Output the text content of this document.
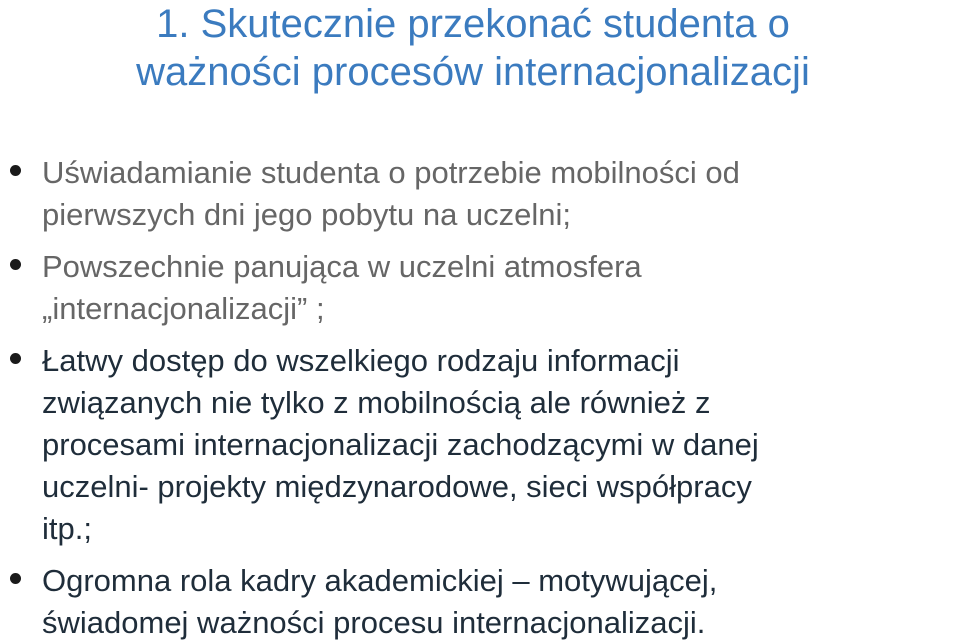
1. Skutecznie przekonać studenta o
ważności procesów internacjonalizacji
Uświadamianie studenta o potrzebie mobilności od
pierwszych dni jego pobytu na uczelni;
Powszechnie panująca w uczelni atmosfera
„internacjonalizacji” ;
Łatwy dostęp do wszelkiego rodzaju informacji
związanych nie tylko z mobilnością ale również z
procesami internacjonalizacji zachodzącymi w danej
uczelni- projekty międzynarodowe, sieci współpracy
itp.;
Ogromna rola kadry akademickiej – motywującej,
świadomej ważności procesu internacjonalizacji.
